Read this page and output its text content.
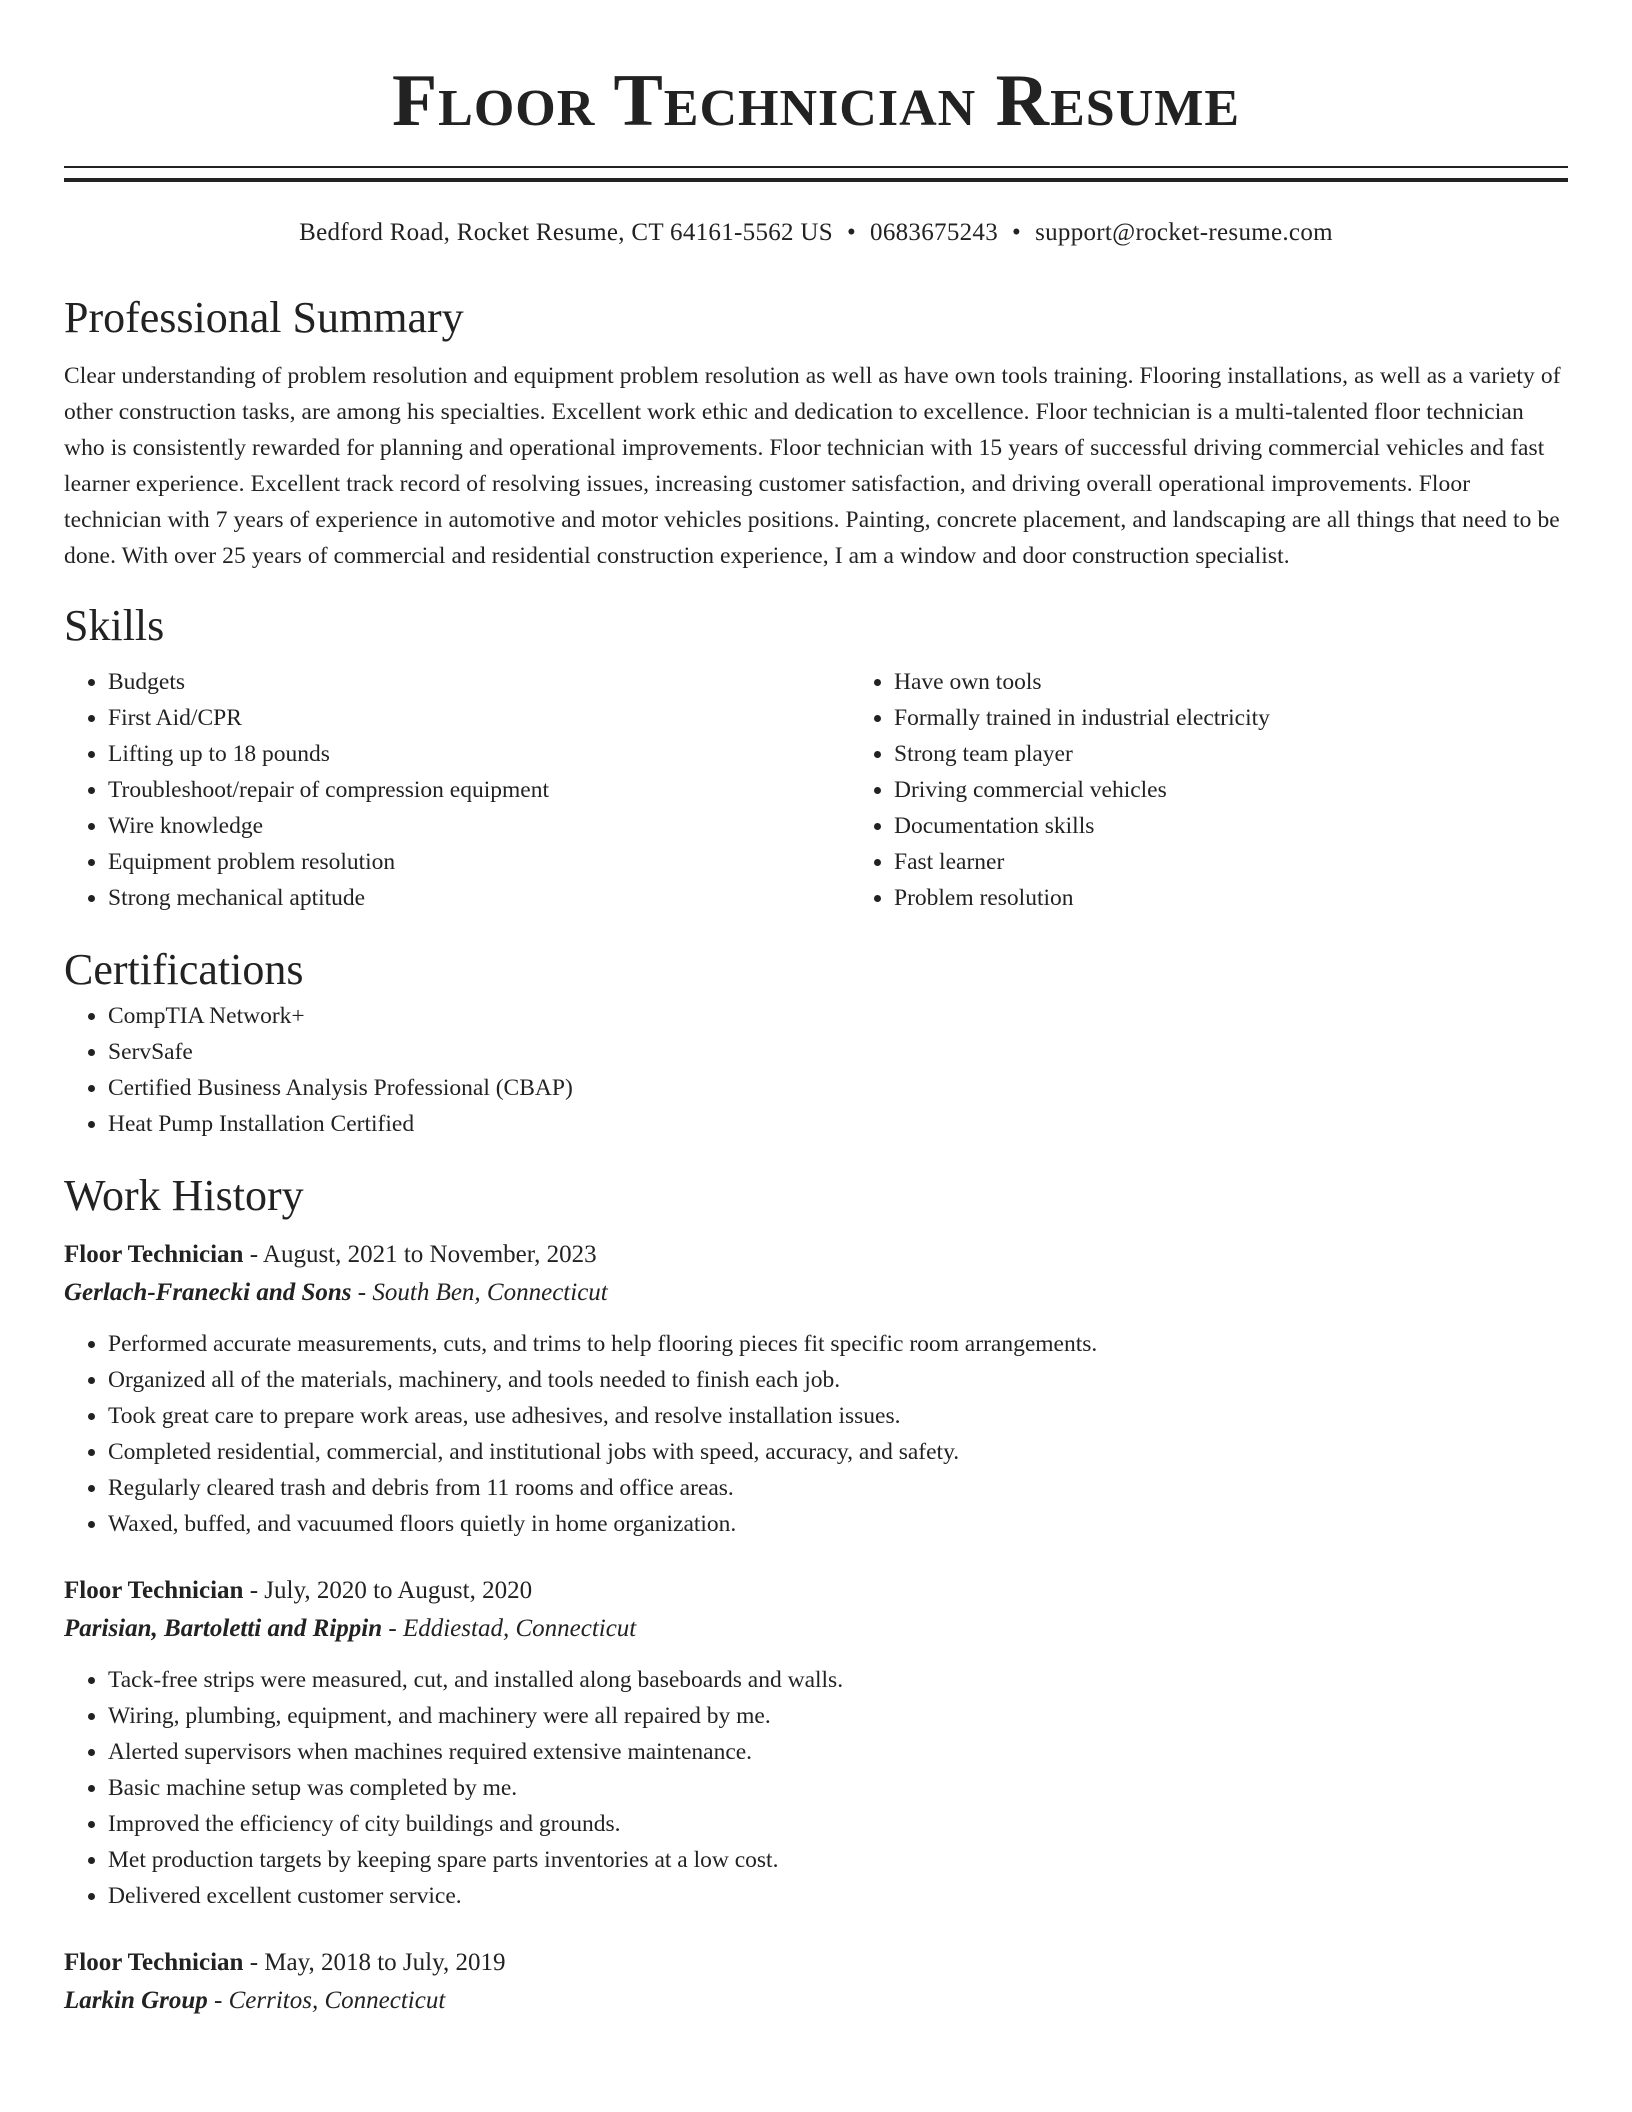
Floor Technician Resume
Bedford Road, Rocket Resume, CT 64161-5562 US • 0683675243 • support@rocket-resume.com
Professional Summary

Clear understanding of problem resolution and equipment problem resolution as well as have own tools training. Flooring installations, as well as a variety of other construction tasks, are among his specialties. Excellent work ethic and dedication to excellence. Floor technician is a multi-talented floor technician who is consistently rewarded for planning and operational improvements. Floor technician with 15 years of successful driving commercial vehicles and fast learner experience. Excellent track record of resolving issues, increasing customer satisfaction, and driving overall operational improvements. Floor technician with 7 years of experience in automotive and motor vehicles positions. Painting, concrete placement, and landscaping are all things that need to be done. With over 25 years of commercial and residential construction experience, I am a window and door construction specialist.

Skills
• Budgets
• First Aid/CPR
• Lifting up to 18 pounds
• Troubleshoot/repair of compression equipment
• Wire knowledge
• Equipment problem resolution
• Strong mechanical aptitude
• Have own tools
• Formally trained in industrial electricity
• Strong team player
• Driving commercial vehicles
• Documentation skills
• Fast learner
• Problem resolution
Certifications
• CompTIA Network+
• ServSafe
• Certified Business Analysis Professional (CBAP)
• Heat Pump Installation Certified
Work History
Floor Technician - August, 2021 to November, 2023
Gerlach-Franecki and Sons - South Ben, Connecticut
• Performed accurate measurements, cuts, and trims to help flooring pieces fit specific room arrangements.
• Organized all of the materials, machinery, and tools needed to finish each job.
• Took great care to prepare work areas, use adhesives, and resolve installation issues.
• Completed residential, commercial, and institutional jobs with speed, accuracy, and safety.
• Regularly cleared trash and debris from 11 rooms and office areas.
• Waxed, buffed, and vacuumed floors quietly in home organization.
Floor Technician - July, 2020 to August, 2020
Parisian, Bartoletti and Rippin - Eddiestad, Connecticut
• Tack-free strips were measured, cut, and installed along baseboards and walls.
• Wiring, plumbing, equipment, and machinery were all repaired by me.
• Alerted supervisors when machines required extensive maintenance.
• Basic machine setup was completed by me.
• Improved the efficiency of city buildings and grounds.
• Met production targets by keeping spare parts inventories at a low cost.
• Delivered excellent customer service.
Floor Technician - May, 2018 to July, 2019
Larkin Group - Cerritos, Connecticut
